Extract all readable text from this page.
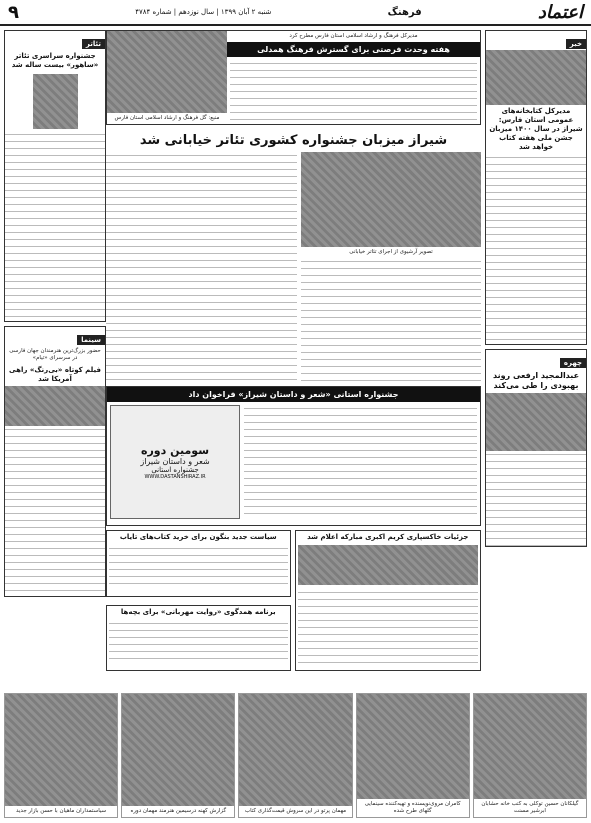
اعتماد
فرهنگ
شنبه ۲ آبان ۱۳۹۹ | سال نوزدهم | شماره ۴۷۸۴
۹
خبر
مدیرکل کتابخانه‌های عمومی استان فارس: شیراز در سال ۱۴۰۰ میزبان جشن ملی هفته کتاب خواهد شد
چهره
عبدالمجید ارفعی روند بهبودی را طی می‌کند
مدیرکل فرهنگ و ارشاد اسلامی استان فارس مطرح کرد
هفته وحدت فرصتی برای گسترش فرهنگ همدلی
منبع: گل فرهنگ و ارشاد اسلامی استان فارس
شیراز میزبان جشنواره کشوری تئاتر خیابانی شد
تصویر آرشیوی از اجرای تئاتر خیابانی
جشنواره استانی «شعر و داستان شیراز» فراخوان داد
سومین دوره
شعر و داستان شیراز
جشنواره استانی
WWW.DASTANSHIRAZ.IR
جزئیات خاکسپاری کریم اکبری مبارکه اعلام شد
سیاست جدید بنگون برای خرید کتاب‌های تایاب
برنامه همدگوی «روایت مهربانی» برای بچه‌ها
تئاتر
جشنواره سراسری تئاتر «ساهور» بیست ساله شد
سینما
حضور بزرگ‌ترین هنرمندان جهان فارسی در سرسرای «تیام»
فیلم کوتاه «بی‌رنگ» راهی آمریکا شد
گیلکانان حسین توکلی به کتب خانه حشابان ابرشیر مسنت
کامران مروی‌نویسنده و تهیه‌کننده سینمایی گلهای طرح شده
مهمان پرتو در این سروش قیمت‌گذاری کتاب
گزارش کهنه درسیمین هنرمند مهمان دوره
سیاستمداران ماهیان با حسن بازار جدید
